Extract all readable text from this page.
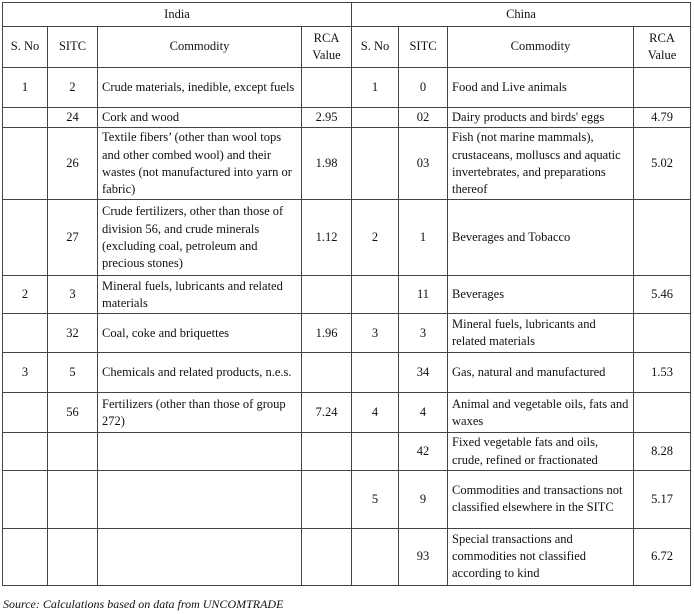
India				China			
S. No	SITC	Commodity	RCA Value	S. No	SITC	Commodity	RCA Value
1	2	Crude materials, inedible, except fuels		1	0	Food and Live animals	
	24	Cork and wood	2.95		02	Dairy products and birds' eggs	4.79
	26	Textile fibers’ (other than wool tops and other combed wool) and their wastes (not manufactured into yarn or fabric)	1.98		03	Fish (not marine mammals), crustaceans, molluscs and aquatic invertebrates, and preparations thereof	5.02
	27	Crude fertilizers, other than those of division 56, and crude minerals (excluding coal, petroleum and precious stones)	1.12	2	1	Beverages and Tobacco	
2	3	Mineral fuels, lubricants and related materials			11	Beverages	5.46
	32	Coal, coke and briquettes	1.96	3	3	Mineral fuels, lubricants and related materials	
3	5	Chemicals and related products, n.e.s.			34	Gas, natural and manufactured	1.53
	56	Fertilizers (other than those of group 272)	7.24	4	4	Animal and vegetable oils, fats and waxes	
					42	Fixed vegetable fats and oils, crude, refined or fractionated	8.28
				5	9	Commodities and transactions not classified elsewhere in the SITC	5.17
					93	Special transactions and commodities not classified according to kind	6.72
Source: Calculations based on data from UNCOMTRADE
